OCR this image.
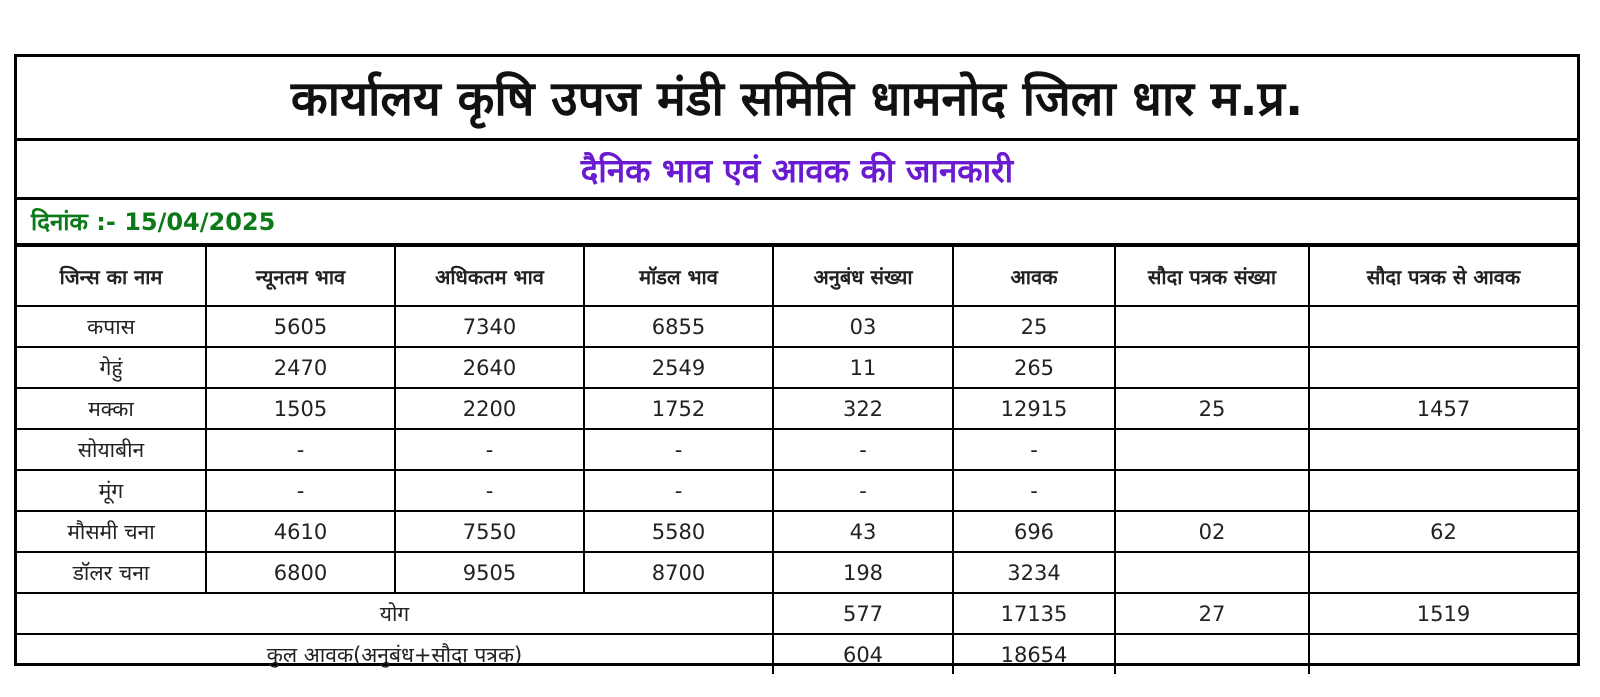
कार्यालय कृषि उपज मंडी समिति धामनोद जिला धार म.प्र.
दैनिक भाव एवं आवक की जानकारी
दिनांक :- 15/04/2025
जिन्स का नाम	न्यूनतम भाव	अधिकतम भाव	मॉडल भाव	अनुबंध संख्या	आवक	सौदा पत्रक संख्या	सौदा पत्रक से आवक
कपास	5605	7340	6855	03	25		
गेहुं	2470	2640	2549	11	265		
मक्का	1505	2200	1752	322	12915	25	1457
सोयाबीन	-	-	-	-	-		
मूंग	-	-	-	-	-		
मौसमी चना	4610	7550	5580	43	696	02	62
डॉलर चना	6800	9505	8700	198	3234		
योग				577	17135	27	1519
कुल आवक(अनुबंध+सौदा पत्रक)				604	18654		
